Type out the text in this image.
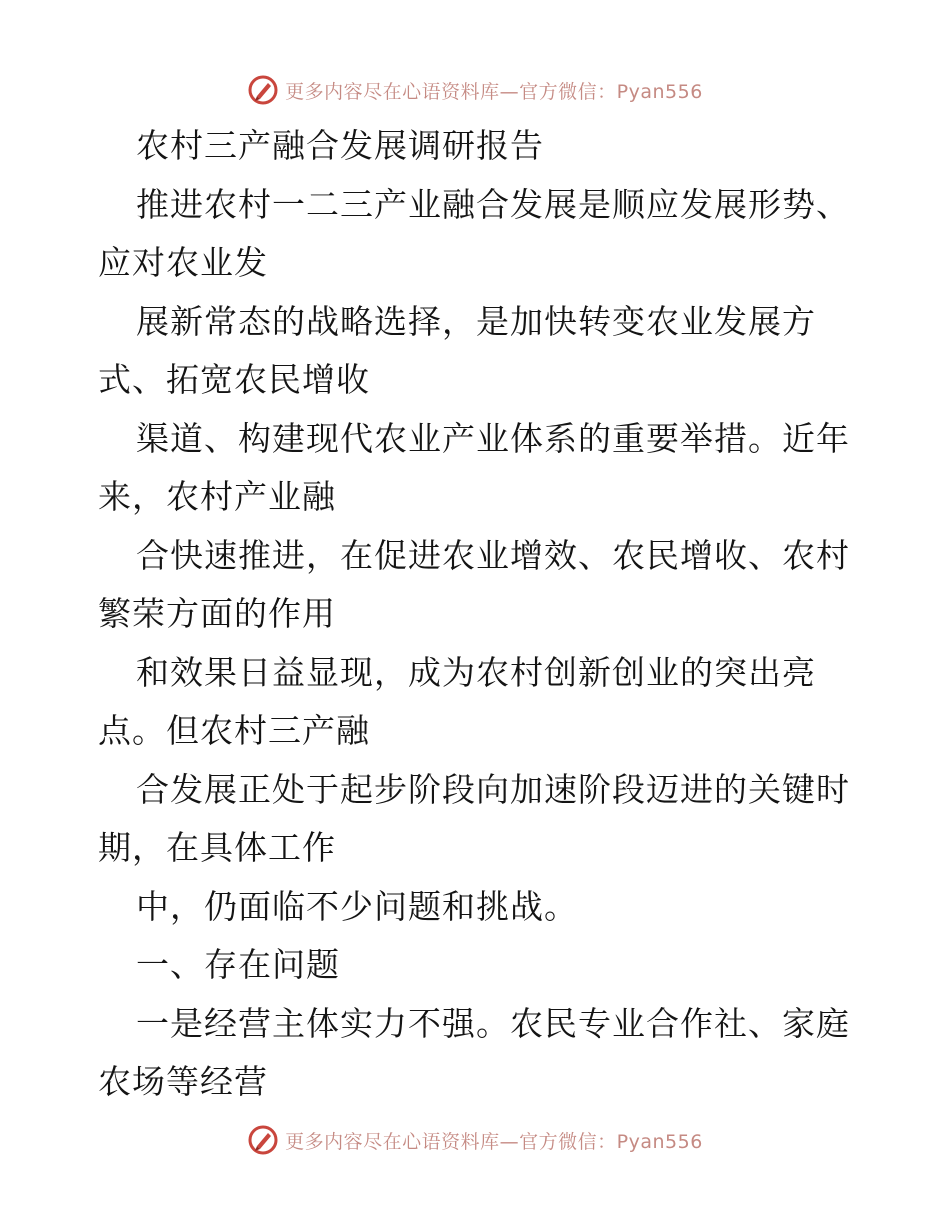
更多内容尽在心语资料库—官方微信：Pyan556
农村三产融合发展调研报告
推进农村一二三产业融合发展是顺应发展形势、
应对农业发
展新常态的战略选择，是加快转变农业发展方
式、拓宽农民增收
渠道、构建现代农业产业体系的重要举措。近年
来，农村产业融
合快速推进，在促进农业增效、农民增收、农村
繁荣方面的作用
和效果日益显现，成为农村创新创业的突出亮
点。但农村三产融
合发展正处于起步阶段向加速阶段迈进的关键时
期，在具体工作
中，仍面临不少问题和挑战。
一、存在问题
一是经营主体实力不强。农民专业合作社、家庭
农场等经营
更多内容尽在心语资料库—官方微信：Pyan556
